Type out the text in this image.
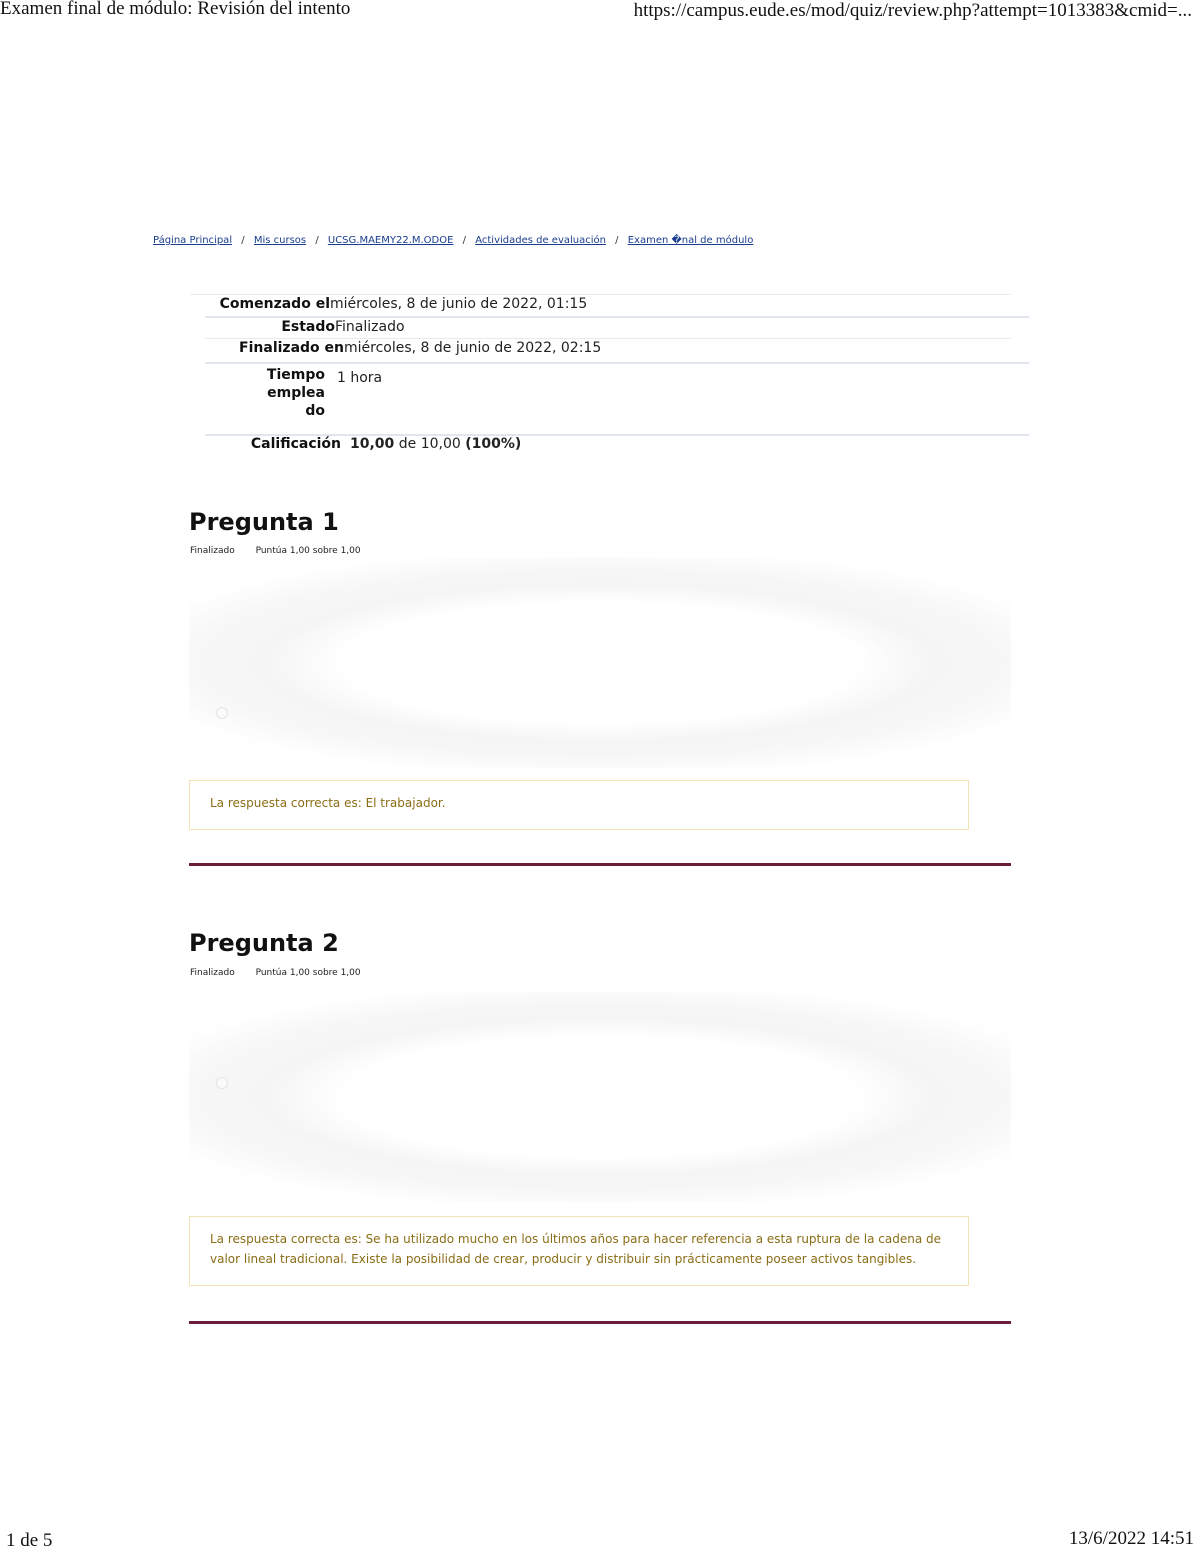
Examen final de módulo: Revisión del intento	https://campus.eude.es/mod/quiz/review.php?attempt=1013383&cmid=...
Página Principal / Mis cursos / UCSG.MAEMY22.M.ODOE / Actividades de evaluación / Examen �nal de módulo
Comenzado el miércoles, 8 de junio de 2022, 01:15
Estado Finalizado
Finalizado en miércoles, 8 de junio de 2022, 02:15
Tiempo empleado
1 hora
Calificación 10,00 de 10,00 (100%)
Pregunta 1
Finalizado Puntúa 1,00 sobre 1,00
La respuesta correcta es: El trabajador.
Pregunta 2
Finalizado Puntúa 1,00 sobre 1,00
La respuesta correcta es: Se ha utilizado mucho en los últimos años para hacer referencia a esta ruptura de la cadena de valor lineal tradicional. Existe la posibilidad de crear, producir y distribuir sin prácticamente poseer activos tangibles.
1 de 5	13/6/2022 14:51
